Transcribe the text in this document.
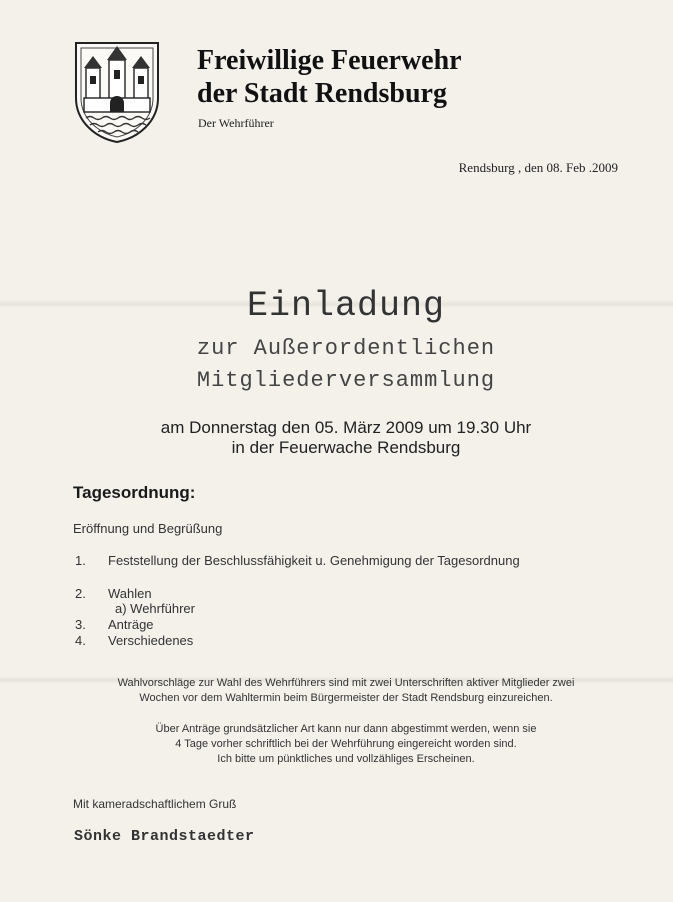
Freiwillige Feuerwehr
der Stadt Rendsburg
Der Wehrführer
Rendsburg , den 08. Feb .2009
Einladung
zur Außerordentlichen
Mitgliederversammlung
am Donnerstag den 05. März 2009 um 19.30 Uhr
in der Feuerwache Rendsburg
Tagesordnung:
Eröffnung und Begrüßung
1. Feststellung der Beschlussfähigkeit u. Genehmigung der Tagesordnung
2. Wahlen
a) Wehrführer
3. Anträge
4. Verschiedenes
Wahlvorschläge zur Wahl des Wehrführers sind mit zwei Unterschriften aktiver Mitglieder zwei
Wochen vor dem Wahltermin beim Bürgermeister der Stadt Rendsburg einzureichen.
Über Anträge grundsätzlicher Art kann nur dann abgestimmt werden, wenn sie
4 Tage vorher schriftlich bei der Wehrführung eingereicht worden sind.
Ich bitte um pünktliches und vollzähliges Erscheinen.
Mit kameradschaftlichem Gruß
Sönke Brandstaedter
